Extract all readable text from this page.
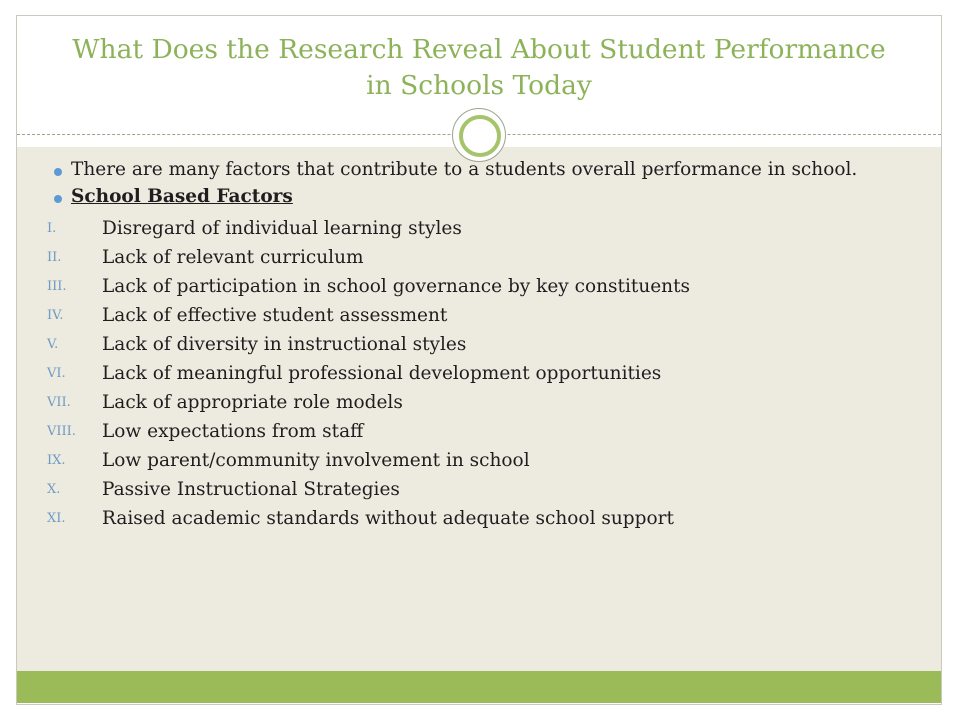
What Does the Research Reveal About Student Performance in Schools Today
There are many factors that contribute to a students overall performance in school.
School Based Factors
I. Disregard of individual learning styles
II. Lack of relevant curriculum
III. Lack of participation in school governance by key constituents
IV. Lack of effective student assessment
V. Lack of diversity in instructional styles
VI. Lack of meaningful professional development opportunities
VII. Lack of appropriate role models
VIII. Low expectations from staff
IX. Low parent/community involvement in school
X. Passive Instructional Strategies
XI. Raised academic standards without adequate school support
